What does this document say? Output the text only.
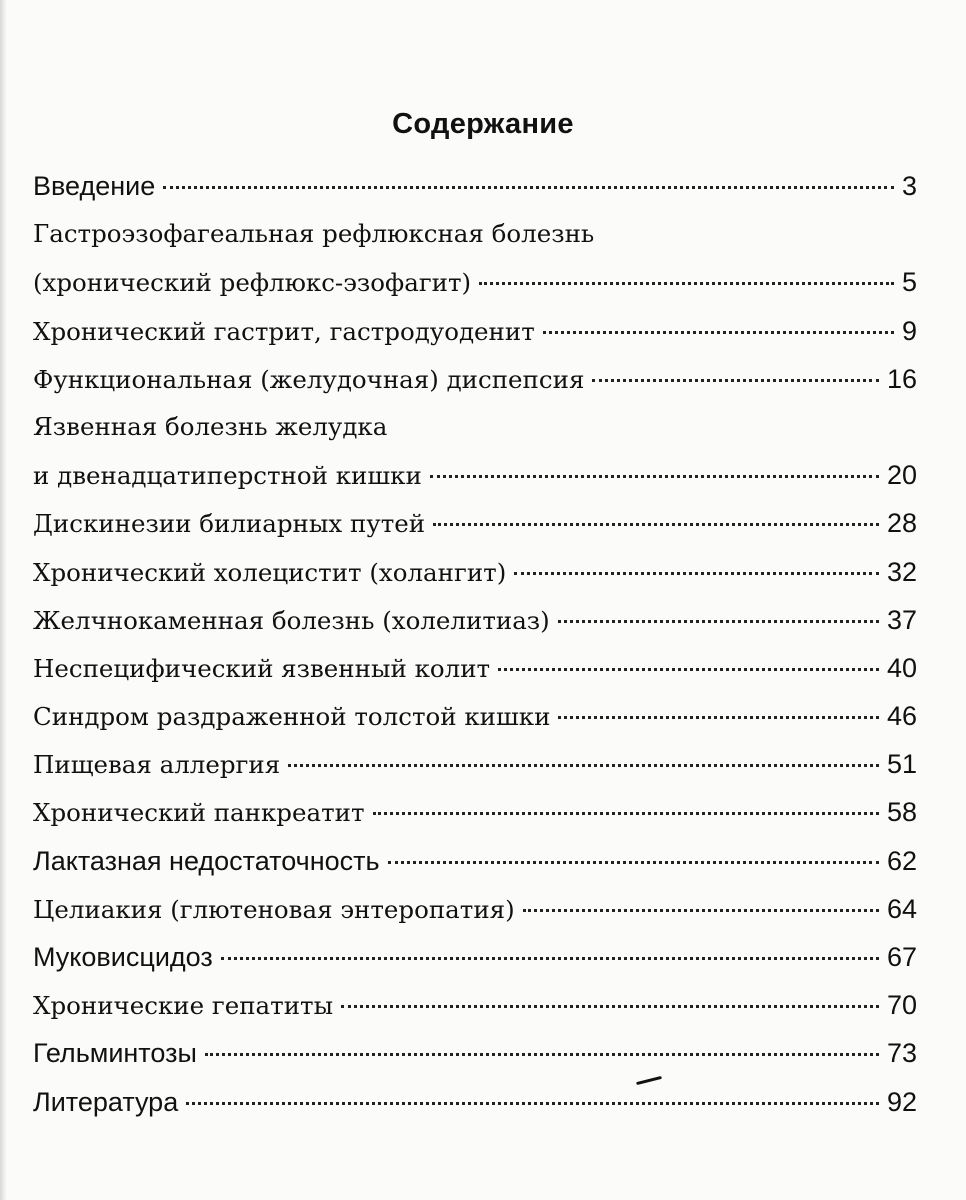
Содержание
Введение	3
Гастроэзофагеальная рефлюксная болезнь
(хронический рефлюкс-эзофагит)	5
Хронический гастрит, гастродуоденит	9
Функциональная (желудочная) диспепсия	16
Язвенная болезнь желудка
и двенадцатиперстной кишки	20
Дискинезии билиарных путей	28
Хронический холецистит (холангит)	32
Желчнокаменная болезнь (холелитиаз)	37
Неспецифический язвенный колит	40
Синдром раздраженной толстой кишки	46
Пищевая аллергия	51
Хронический панкреатит	58
Лактазная недостаточность	62
Целиакия (глютеновая энтеропатия)	64
Муковисцидоз	67
Хронические гепатиты	70
Гельминтозы	73
Литература	92
